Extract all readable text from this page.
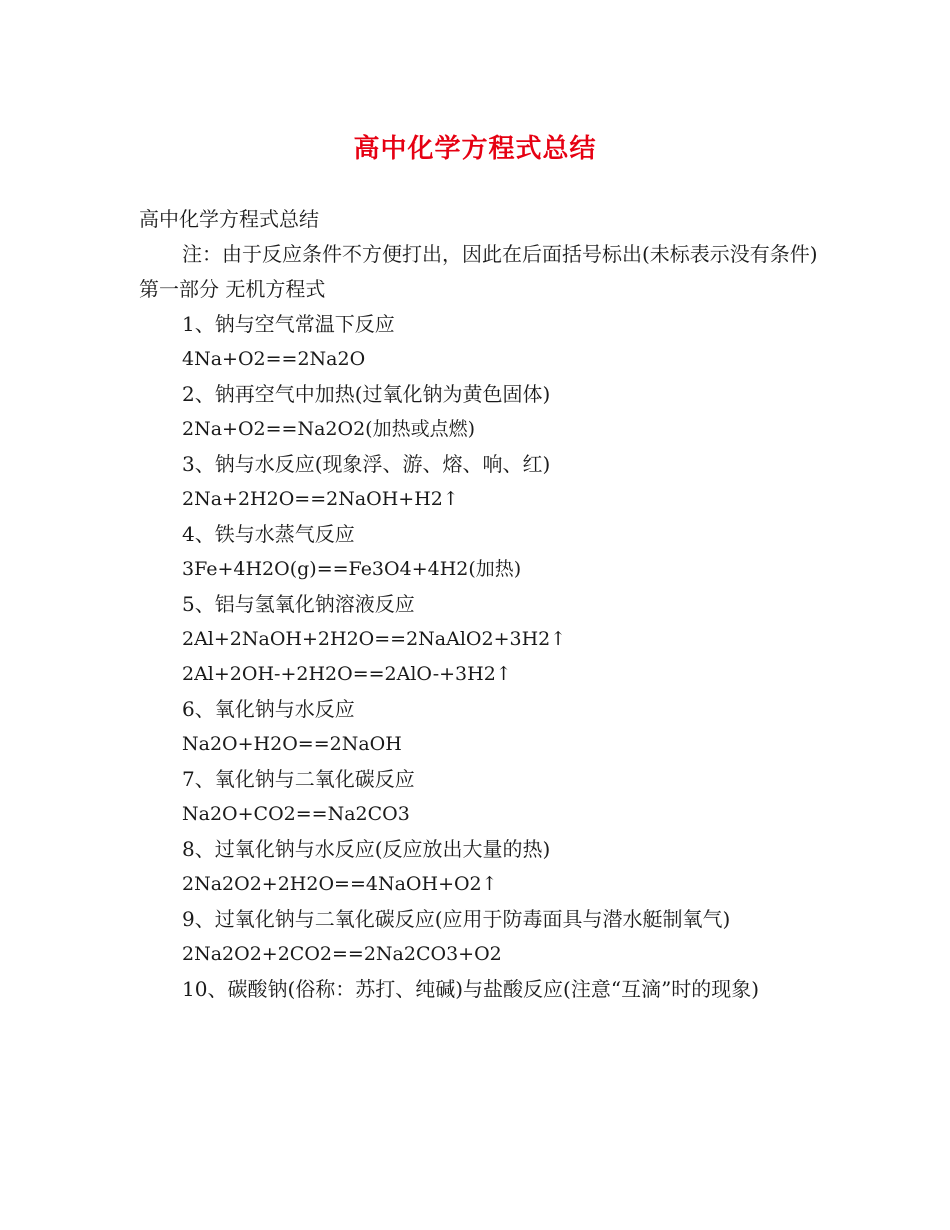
高中化学方程式总结
高中化学方程式总结
注：由于反应条件不方便打出，因此在后面括号标出(未标表示没有条件)
第一部分 无机方程式
1、钠与空气常温下反应
4Na+O2==2Na2O
2、钠再空气中加热(过氧化钠为黄色固体)
2Na+O2==Na2O2(加热或点燃)
3、钠与水反应(现象浮、游、熔、响、红)
2Na+2H2O==2NaOH+H2↑
4、铁与水蒸气反应
3Fe+4H2O(g)==Fe3O4+4H2(加热)
5、铝与氢氧化钠溶液反应
2Al+2NaOH+2H2O==2NaAlO2+3H2↑
2Al+2OH-+2H2O==2AlO-+3H2↑
6、氧化钠与水反应
Na2O+H2O==2NaOH
7、氧化钠与二氧化碳反应
Na2O+CO2==Na2CO3
8、过氧化钠与水反应(反应放出大量的热)
2Na2O2+2H2O==4NaOH+O2↑
9、过氧化钠与二氧化碳反应(应用于防毒面具与潜水艇制氧气)
2Na2O2+2CO2==2Na2CO3+O2
10、碳酸钠(俗称：苏打、纯碱)与盐酸反应(注意“互滴”时的现象)
